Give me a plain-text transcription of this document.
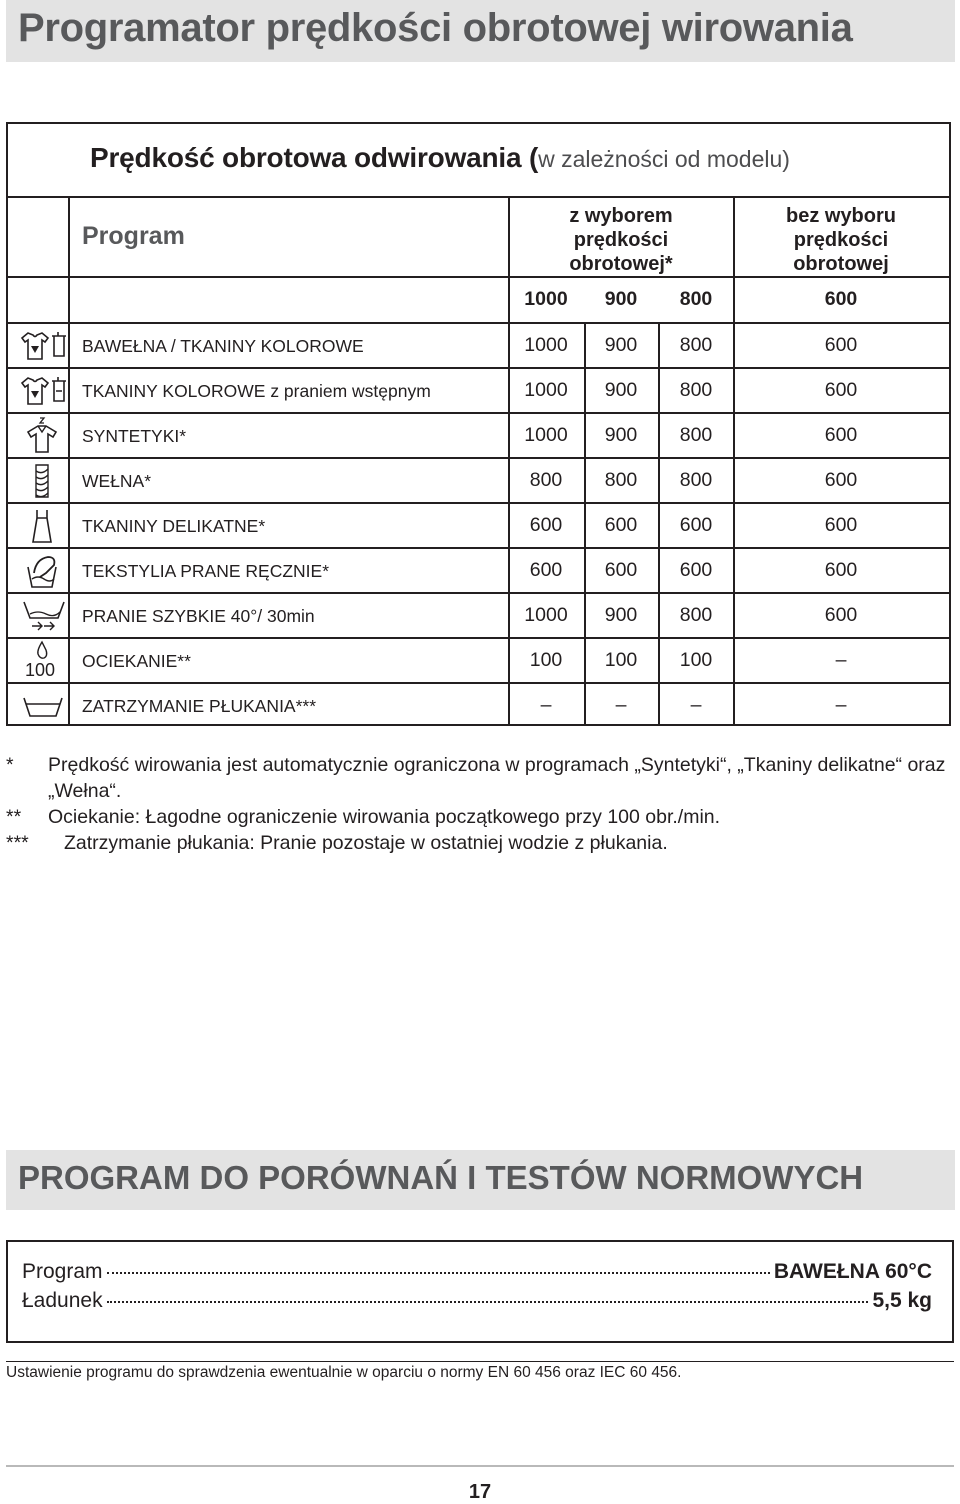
Programator prędkości obrotowej wirowania
Prędkość obrotowa odwirowania (w zależności od modelu)
Program
z wyborem
prędkości
obrotowej*
bez wyboru
prędkości
obrotowej
1000	900	800	600
BAWEŁNA / TKANINY KOLOROWE	1000	900	800	600
TKANINY KOLOROWE z praniem wstępnym	1000	900	800	600
SYNTETYKI*	1000	900	800	600
WEŁNA*	800	800	800	600
TKANINY DELIKATNE*	600	600	600	600
TEKSTYLIA PRANE RĘCZNIE*	600	600	600	600
PRANIE SZYBKIE 40°/ 30min	1000	900	800	600
100	OCIEKANIE**	100	100	100	–
ZATRZYMANIE PŁUKANIA***	–	–	–	–
* Prędkość wirowania jest automatycznie ograniczona w programach „Syntetyki“, „Tkaniny delikatne“ oraz „Wełna“.
** Ociekanie: Łagodne ograniczenie wirowania początkowego przy 100 obr./min.
*** Zatrzymanie płukania: Pranie pozostaje w ostatniej wodzie z płukania.
PROGRAM DO PORÓWNAŃ I TESTÓW NORMOWYCH
Program	BAWEŁNA 60°C
Ładunek	5,5 kg
Ustawienie programu do sprawdzenia ewentualnie w oparciu o normy EN 60 456 oraz IEC 60 456.
17
